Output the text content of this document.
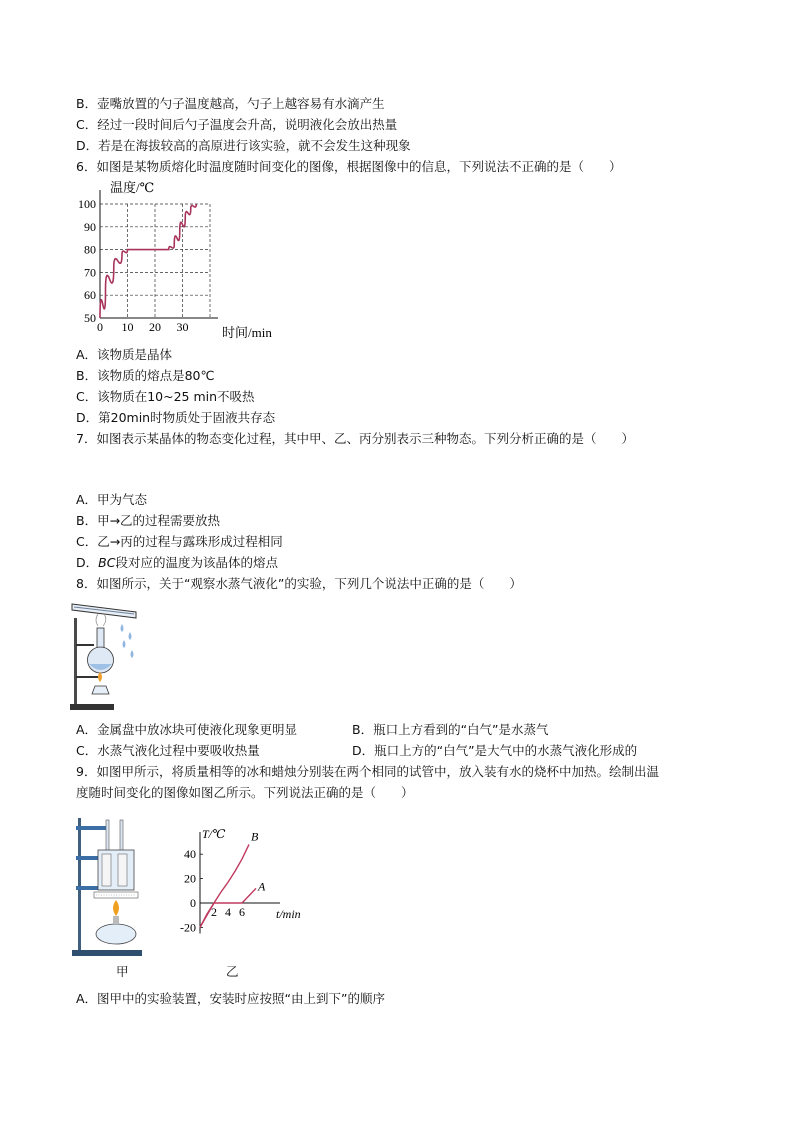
B．壶嘴放置的勺子温度越高，勺子上越容易有水滴产生
C．经过一段时间后勺子温度会升高，说明液化会放出热量
D．若是在海拔较高的高原进行该实验，就不会发生这种现象
6．如图是某物质熔化时温度随时间变化的图像，根据图像中的信息，下列说法不正确的是（　　）
50
60
70
80
90
100
0 10 20 30
温度/℃
时间/min
A．该物质是晶体
B．该物质的熔点是80℃
C．该物质在10~25 min不吸热
D．第20min时物质处于固液共存态
7．如图表示某晶体的物态变化过程，其中甲、乙、丙分别表示三种物态。下列分析正确的是（　　）
A．甲为气态
B．甲→乙的过程需要放热
C．乙→丙的过程与露珠形成过程相同
D．BC段对应的温度为该晶体的熔点
8．如图所示，关于“观察水蒸气液化”的实验，下列几个说法中正确的是（　　）
A．金属盘中放冰块可使液化现象更明显	B．瓶口上方看到的“白气”是水蒸气
C．水蒸气液化过程中要吸收热量	D．瓶口上方的“白气”是大气中的水蒸气液化形成的
9．如图甲所示，将质量相等的冰和蜡烛分别装在两个相同的试管中，放入装有水的烧杯中加热。绘制出温
度随时间变化的图像如图乙所示。下列说法正确的是（　　）
40
20
0
-20
2 4 6
B
A
T/℃
t/min
甲	乙
A．图甲中的实验装置，安装时应按照“由上到下”的顺序
